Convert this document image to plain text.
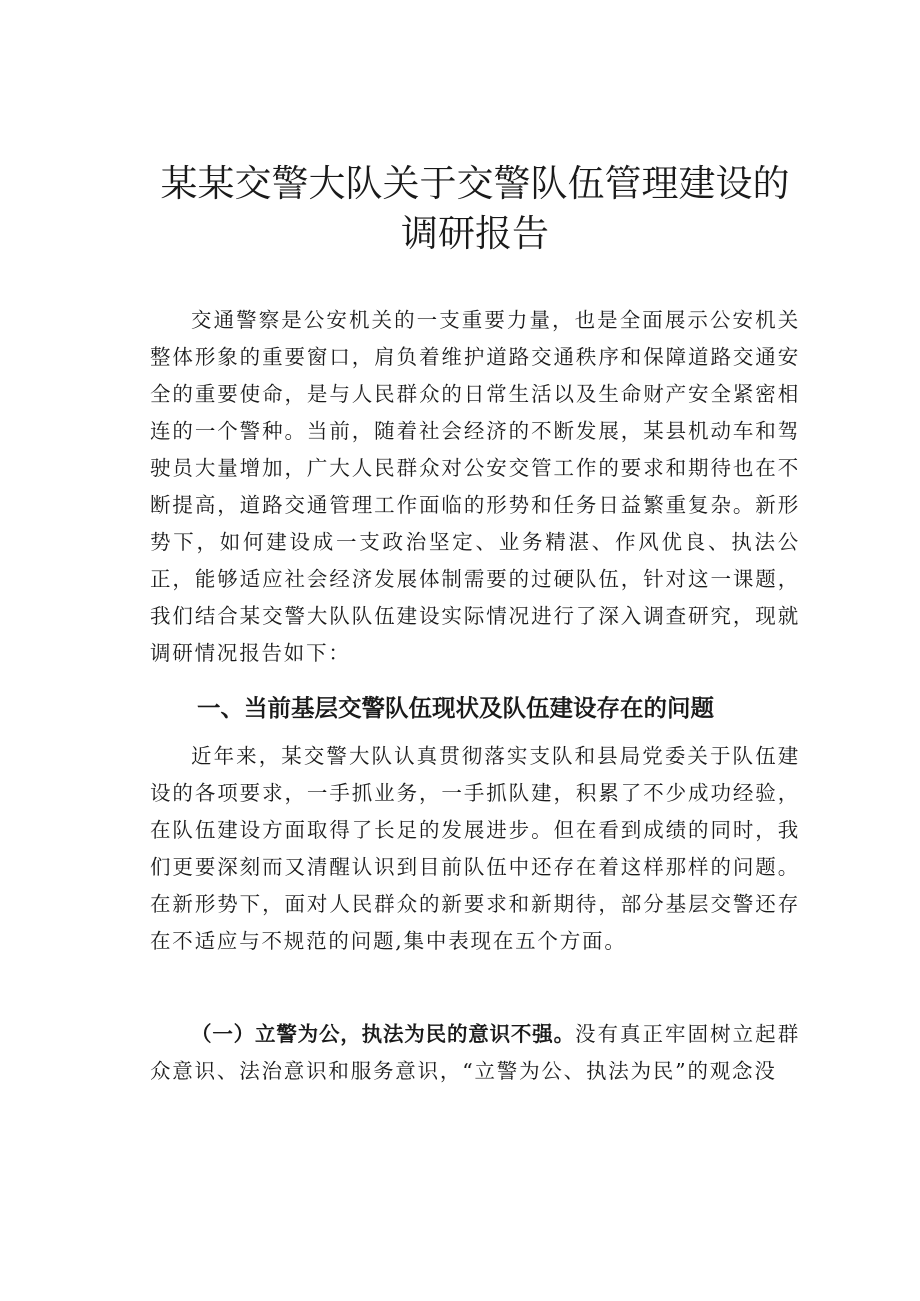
某某交警大队关于交警队伍管理建设的
调研报告

交通警察是公安机关的一支重要力量，也是全面展示公安机关整体形象的重要窗口，肩负着维护道路交通秩序和保障道路交通安全的重要使命，是与人民群众的日常生活以及生命财产安全紧密相连的一个警种。当前，随着社会经济的不断发展，某县机动车和驾驶员大量增加，广大人民群众对公安交管工作的要求和期待也在不断提高，道路交通管理工作面临的形势和任务日益繁重复杂。新形势下，如何建设成一支政治坚定、业务精湛、作风优良、执法公正，能够适应社会经济发展体制需要的过硬队伍，针对这一课题，我们结合某交警大队队伍建设实际情况进行了深入调查研究，现就调研情况报告如下：

一、当前基层交警队伍现状及队伍建设存在的问题

近年来，某交警大队认真贯彻落实支队和县局党委关于队伍建设的各项要求，一手抓业务，一手抓队建，积累了不少成功经验，在队伍建设方面取得了长足的发展进步。但在看到成绩的同时，我们更要深刻而又清醒认识到目前队伍中还存在着这样那样的问题。在新形势下，面对人民群众的新要求和新期待，部分基层交警还存在不适应与不规范的问题,集中表现在五个方面。

（一）立警为公，执法为民的意识不强。没有真正牢固树立起群众意识、法治意识和服务意识，“立警为公、执法为民”的观念没
